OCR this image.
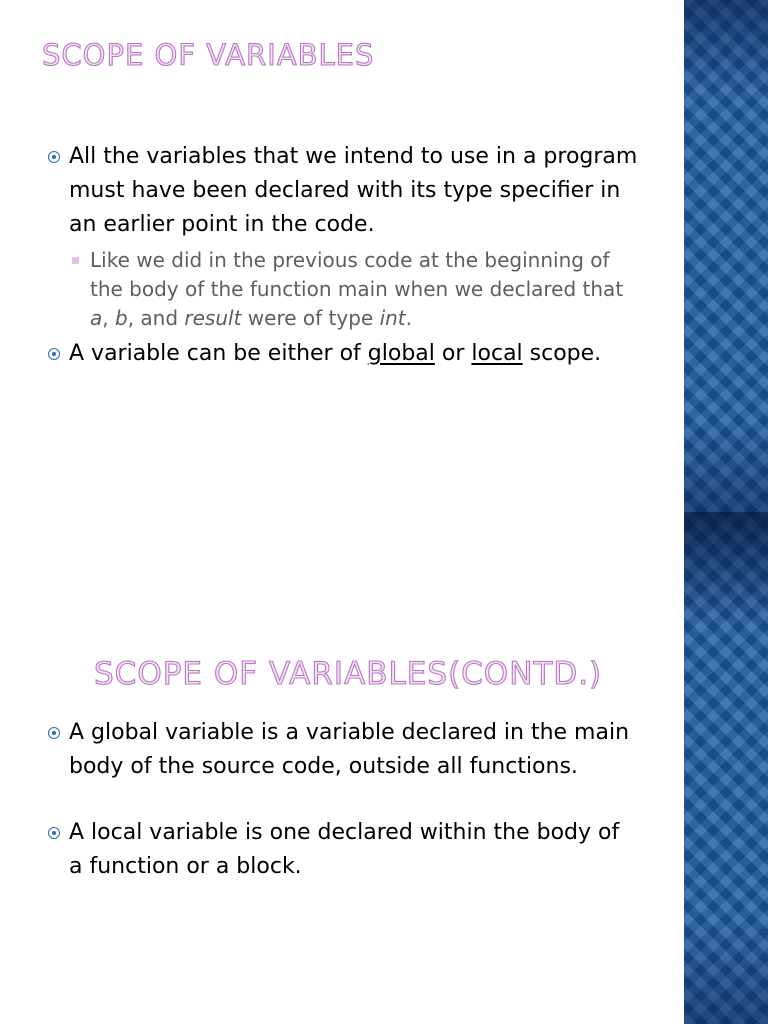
SCOPE OF VARIABLES
All the variables that we intend to use in a program must have been declared with its type specifier in an earlier point in the code.
Like we did in the previous code at the beginning of the body of the function main when we declared that a, b, and result were of type int.
A variable can be either of global or local scope.
SCOPE OF VARIABLES(CONTD.)
A global variable is a variable declared in the main body of the source code, outside all functions.
A local variable is one declared within the body of a function or a block.
